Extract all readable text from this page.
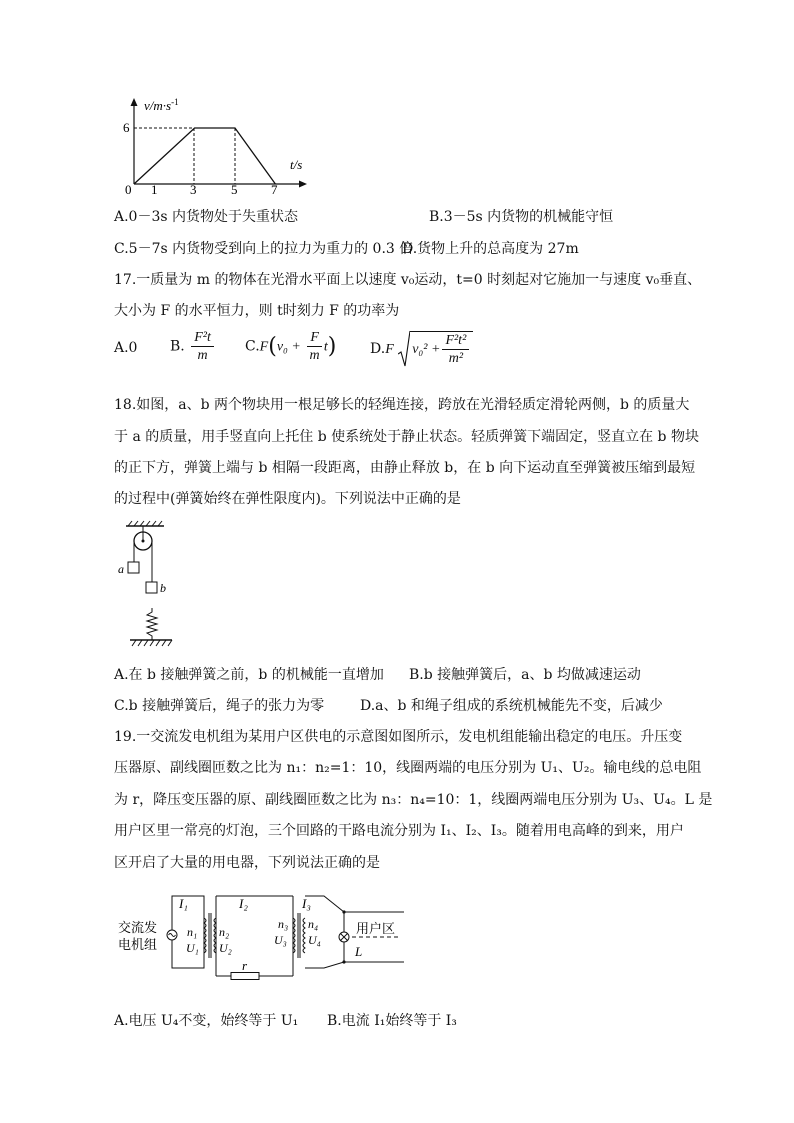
$v/m\cdot s^{-1}$
t/s
6
0 1	3	5	7
A.0－3s 内货物处于失重状态	B.3－5s 内货物的机械能守恒
C.5－7s 内货物受到向上的拉力为重力的 0.3 倍
D.货物上升的总高度为 27m
17.一质量为 m 的物体在光滑水平面上以速度 v₀运动，t=0 时刻起对它施加一与速度 v₀垂直、
大小为 F 的水平恒力，则 t时刻力 F 的功率为
A.0 B. $\frac{\text{F²t}}{m} C.F(v_0 + \frac{F}{m} t)$ D.F $v_0^2 + \frac{\text{F²t²}}{\text{m²}}$
18.如图，a、b 两个物块用一根足够长的轻绳连接，跨放在光滑轻质定滑轮两侧，b 的质量大
于 a 的质量，用手竖直向上托住 b 使系统处于静止状态。轻质弹簧下端固定，竖直立在 b 物块
的正下方，弹簧上端与 b 相隔一段距离，由静止释放 b，在 b 向下运动直至弹簧被压缩到最短
的过程中(弹簧始终在弹性限度内)。下列说法中正确的是
a
b
A.在 b 接触弹簧之前，b 的机械能一直增加 B.b 接触弹簧后，a、b 均做减速运动
C.b 接触弹簧后，绳子的张力为零	D.a、b 和绳子组成的系统机械能先不变，后减少
19.一交流发电机组为某用户区供电的示意图如图所示，发电机组能输出稳定的电压。升压变
压器原、副线圈匝数之比为 n₁：n₂=1：10，线圈两端的电压分别为 U₁、U₂。输电线的总电阻
为 r，降压变压器的原、副线圈匝数之比为 n₃：n₄=10：1，线圈两端电压分别为 U₃、U₄。L 是
用户区里一常亮的灯泡，三个回路的干路电流分别为 I₁、I₂、I₃。随着用电高峰的到来，用户
区开启了大量的用电器，下列说法正确的是
交流发
电机组
I₁	I₂	I₃
n₁
U₁
n₂
U₂
n₃
U₃
n₄
U₄
r
用户区
L
A.电压 U₄不变，始终等于 U₁ B.电流 I₁始终等于 I₃
